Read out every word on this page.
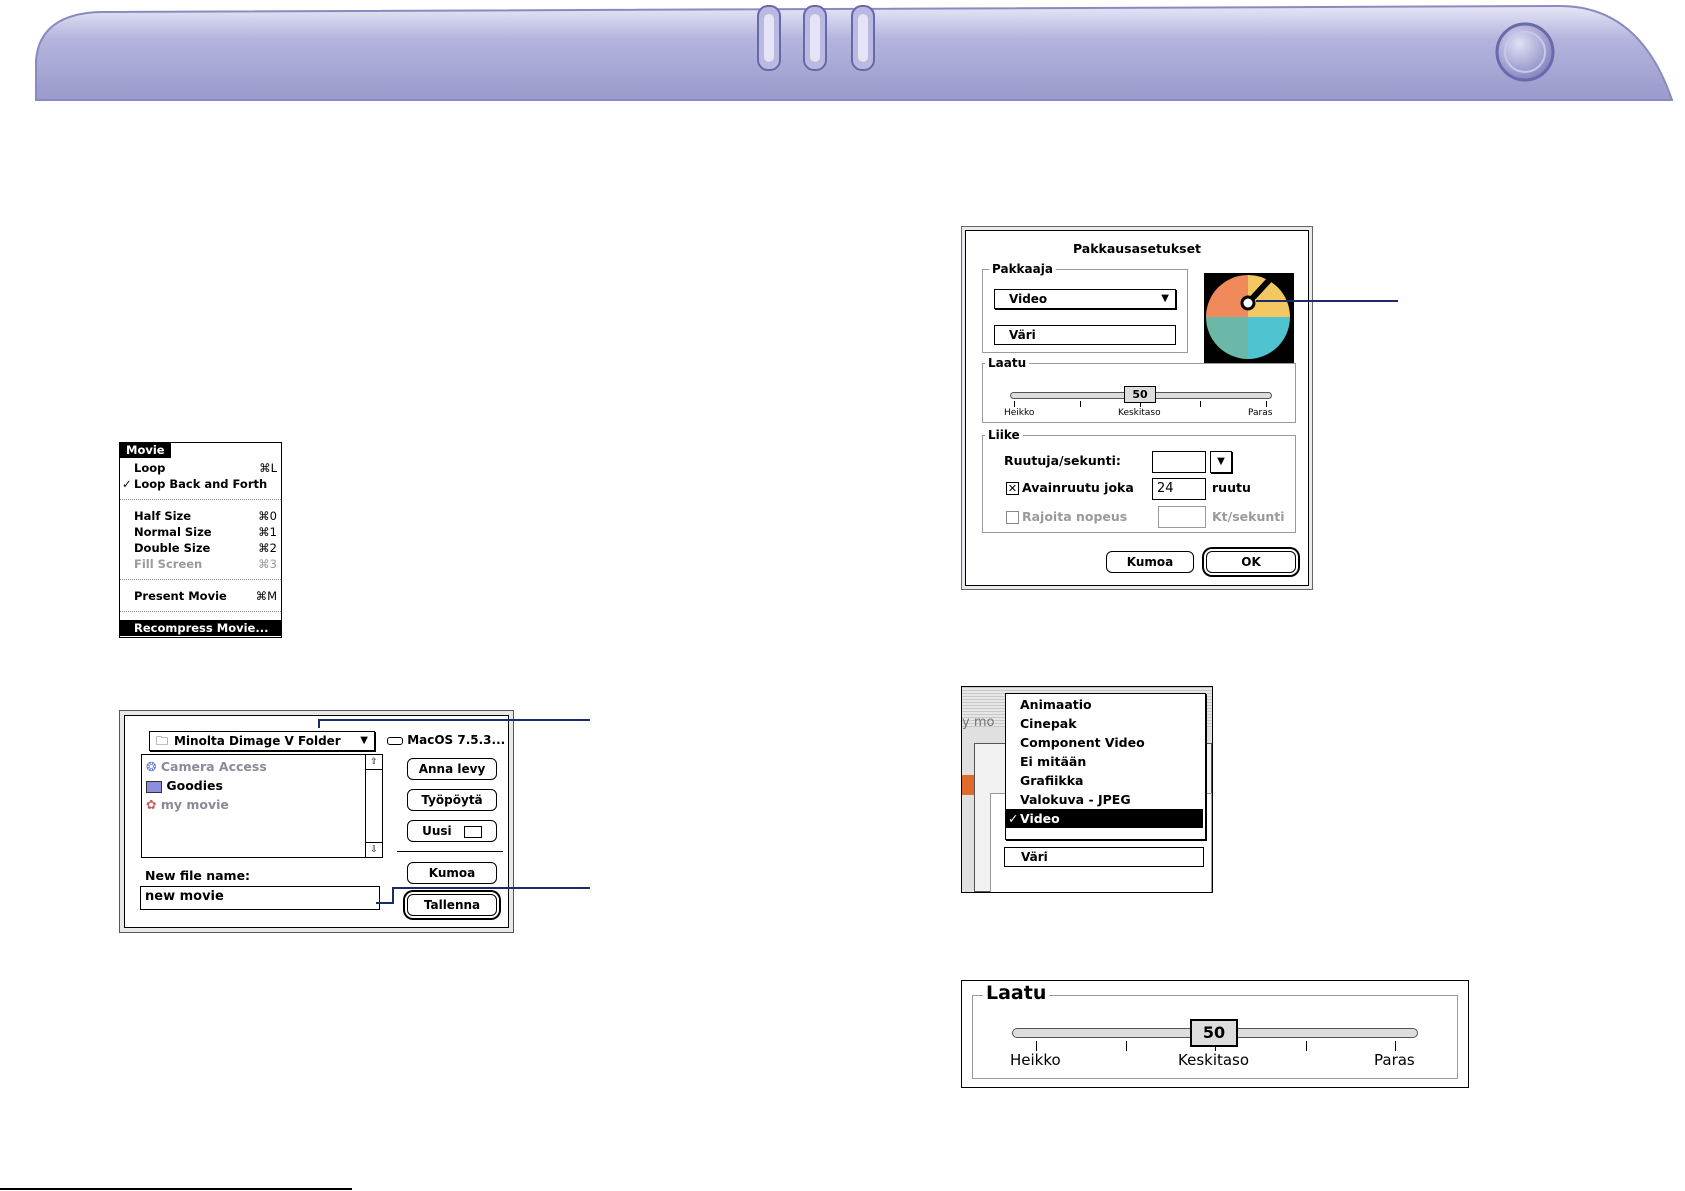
Movie
Loop	⌘L
✓ Loop Back and Forth
Half Size	⌘0
Normal Size	⌘1
Double Size	⌘2
Fill Screen	⌘3
Present Movie ⌘M
Recompress Movie...
🗀 Minolta Dimage V Folder ▼	MacOS 7.5.3...
❂ Camera Access
Goodies
✿ my movie
⇧
⇩
Anna levy
Työpöytä
Uusi
Kumoa
New file name:
new movie
Tallenna
Pakkausasetukset
Pakkaaja
Video	▼
Väri
Laatu
50
Heikko	Keskitaso	Paras
Liike
Ruutuja/sekunti:	▼
✕ Avainruutu joka 24	ruutu
Rajoita nopeus	Kt/sekunti
Kumoa	OK
y mo
Animaatio
Cinepak
Component Video
Ei mitään
Grafiikka
Valokuva - JPEG
✓ Video
Väri
Laatu
50
Heikko	Keskitaso	Paras
